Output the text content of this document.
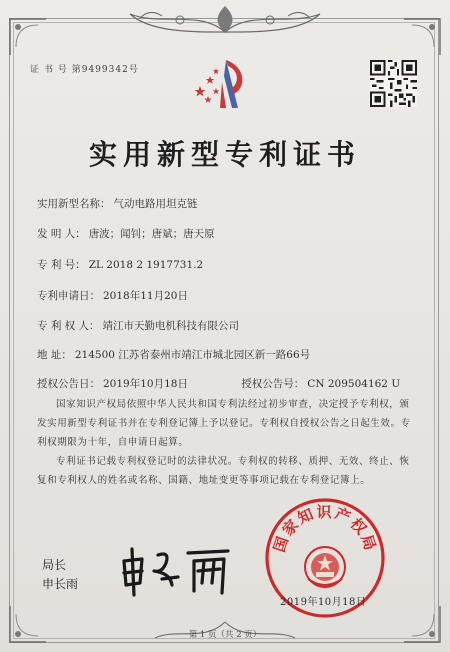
证 书 号 第9499342号
实用新型专利证书
实用新型名称： 气动电路用坦克链
发 明 人： 唐波；闻钊；唐斌；唐天原
专 利 号： ZL 2018 2 1917731.2
专利申请日： 2018年11月20日
专 利 权 人： 靖江市天勤电机科技有限公司
地 址： 214500 江苏省泰州市靖江市城北园区新一路66号
授权公告日： 2019年10月18日	授权公告号： CN 209504162 U
国家知识产权局依照中华人民共和国专利法经过初步审查，决定授予专利权，颁发实用新型专利证书并在专利登记簿上予以登记。专利权自授权公告之日起生效。专利权期限为十年，自申请日起算。
专利证书记载专利权登记时的法律状况。专利权的转移、质押、无效、终止、恢复和专利权人的姓名或名称、国籍、地址变更等事项记载在专利登记簿上。
局长
申长雨
国家知识产权局
2019年10月18日
第 1 页（共 2 页）
